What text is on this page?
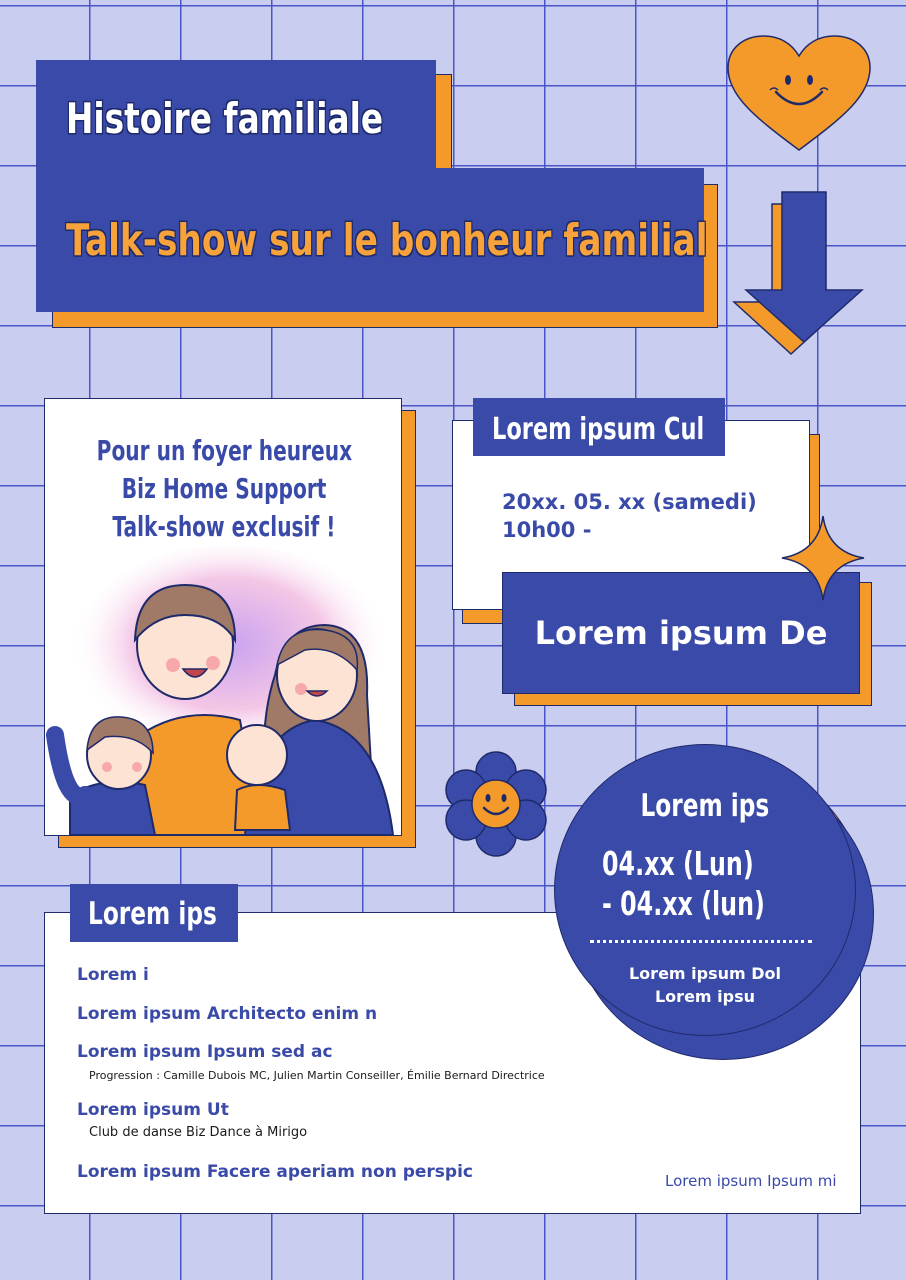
Histoire familiale
Talk-show sur le bonheur familial
Pour un foyer heureux
Biz Home Support
Talk-show exclusif !
Lorem ipsum Cul
20xx. 05. xx (samedi)
10h00 -
Lorem ipsum De
Lorem ips
Lorem i
Lorem ipsum Architecto enim n
Lorem ipsum Ipsum sed ac
Progression : Camille Dubois MC, Julien Martin Conseiller, Émilie Bernard Directrice
Lorem ipsum Ut
Club de danse Biz Dance à Mirigo
Lorem ipsum Facere aperiam non perspic	Lorem ipsum Ipsum mi
Lorem ips
04.xx (Lun)
- 04.xx (lun)
Lorem ipsum Dol
Lorem ipsu
